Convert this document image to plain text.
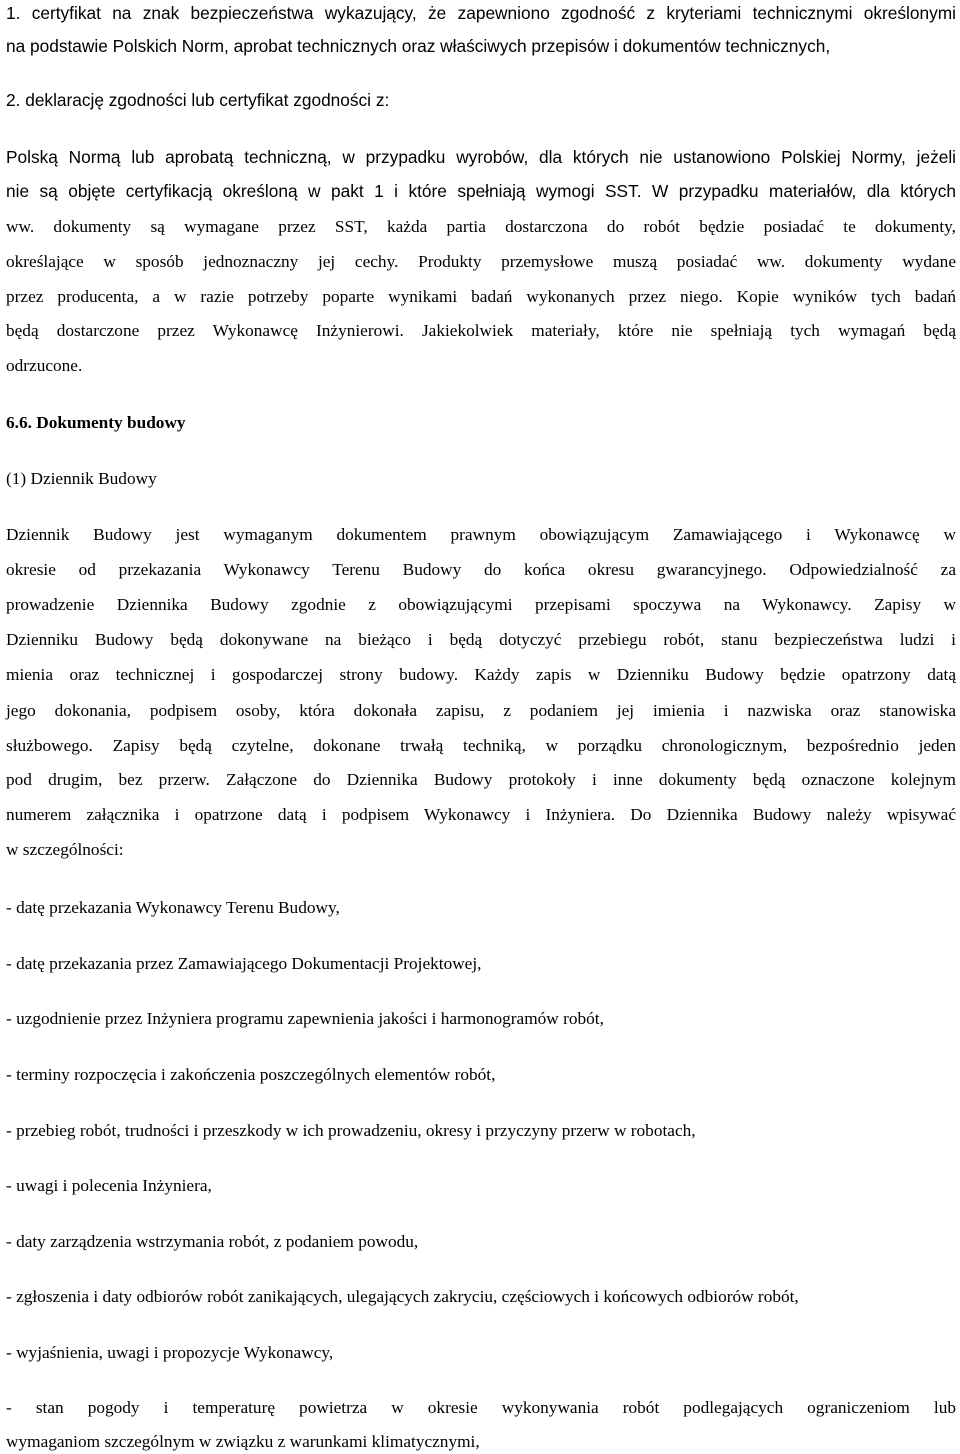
1. certyfikat na znak bezpieczeństwa wykazujący, że zapewniono zgodność z kryteriami technicznymi określonymi
na podstawie Polskich Norm, aprobat technicznych oraz właściwych przepisów i dokumentów technicznych,
2. deklarację zgodności lub certyfikat zgodności z:
Polską Normą lub aprobatą techniczną, w przypadku wyrobów, dla których nie ustanowiono Polskiej Normy, jeżeli
nie są objęte certyfikacją określoną w pakt 1 i które spełniają wymogi SST. W przypadku materiałów, dla których
ww. dokumenty są wymagane przez SST, każda partia dostarczona do robót będzie posiadać te dokumenty,
określające w sposób jednoznaczny jej cechy. Produkty przemysłowe muszą posiadać ww. dokumenty wydane
przez producenta, a w razie potrzeby poparte wynikami badań wykonanych przez niego. Kopie wyników tych badań
będą dostarczone przez Wykonawcę Inżynierowi. Jakiekolwiek materiały, które nie spełniają tych wymagań będą
odrzucone.
6.6. Dokumenty budowy
(1) Dziennik Budowy
Dziennik Budowy jest wymaganym dokumentem prawnym obowiązującym Zamawiającego i Wykonawcę w
okresie od przekazania Wykonawcy Terenu Budowy do końca okresu gwarancyjnego. Odpowiedzialność za
prowadzenie Dziennika Budowy zgodnie z obowiązującymi przepisami spoczywa na Wykonawcy. Zapisy w
Dzienniku Budowy będą dokonywane na bieżąco i będą dotyczyć przebiegu robót, stanu bezpieczeństwa ludzi i
mienia oraz technicznej i gospodarczej strony budowy. Każdy zapis w Dzienniku Budowy będzie opatrzony datą
jego dokonania, podpisem osoby, która dokonała zapisu, z podaniem jej imienia i nazwiska oraz stanowiska
służbowego. Zapisy będą czytelne, dokonane trwałą techniką, w porządku chronologicznym, bezpośrednio jeden
pod drugim, bez przerw. Załączone do Dziennika Budowy protokoły i inne dokumenty będą oznaczone kolejnym
numerem załącznika i opatrzone datą i podpisem Wykonawcy i Inżyniera. Do Dziennika Budowy należy wpisywać
w szczególności:
- datę przekazania Wykonawcy Terenu Budowy,
- datę przekazania przez Zamawiającego Dokumentacji Projektowej,
- uzgodnienie przez Inżyniera programu zapewnienia jakości i harmonogramów robót,
- terminy rozpoczęcia i zakończenia poszczególnych elementów robót,
- przebieg robót, trudności i przeszkody w ich prowadzeniu, okresy i przyczyny przerw w robotach,
- uwagi i polecenia Inżyniera,
- daty zarządzenia wstrzymania robót, z podaniem powodu,
- zgłoszenia i daty odbiorów robót zanikających, ulegających zakryciu, częściowych i końcowych odbiorów robót,
- wyjaśnienia, uwagi i propozycje Wykonawcy,
- stan pogody i temperaturę powietrza w okresie wykonywania robót podlegających ograniczeniom lub
wymaganiom szczególnym w związku z warunkami klimatycznymi,
